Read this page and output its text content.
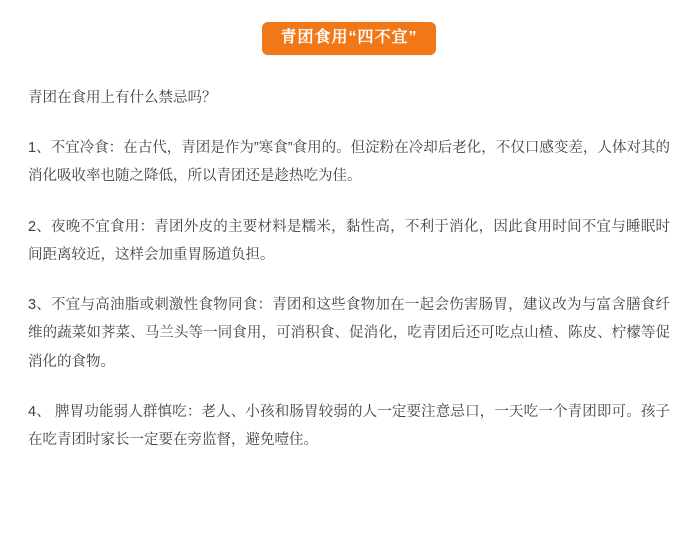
青团食用“四不宜”

青团在食用上有什么禁忌吗？

1、不宜冷食：在古代，青团是作为”寒食”食用的。但淀粉在冷却后老化，不仅口感变差，人体对其的消化吸收率也随之降低，所以青团还是趁热吃为佳。

2、夜晚不宜食用：青团外皮的主要材料是糯米，黏性高，不利于消化，因此食用时间不宜与睡眠时间距离较近，这样会加重胃肠道负担。

3、不宜与高油脂或刺激性食物同食：青团和这些食物加在一起会伤害肠胃，建议改为与富含膳食纤维的蔬菜如荠菜、马兰头等一同食用，可消积食、促消化，吃青团后还可吃点山楂、陈皮、柠檬等促消化的食物。

4、 脾胃功能弱人群慎吃：老人、小孩和肠胃较弱的人一定要注意忌口，一天吃一个青团即可。孩子在吃青团时家长一定要在旁监督，避免噎住。
